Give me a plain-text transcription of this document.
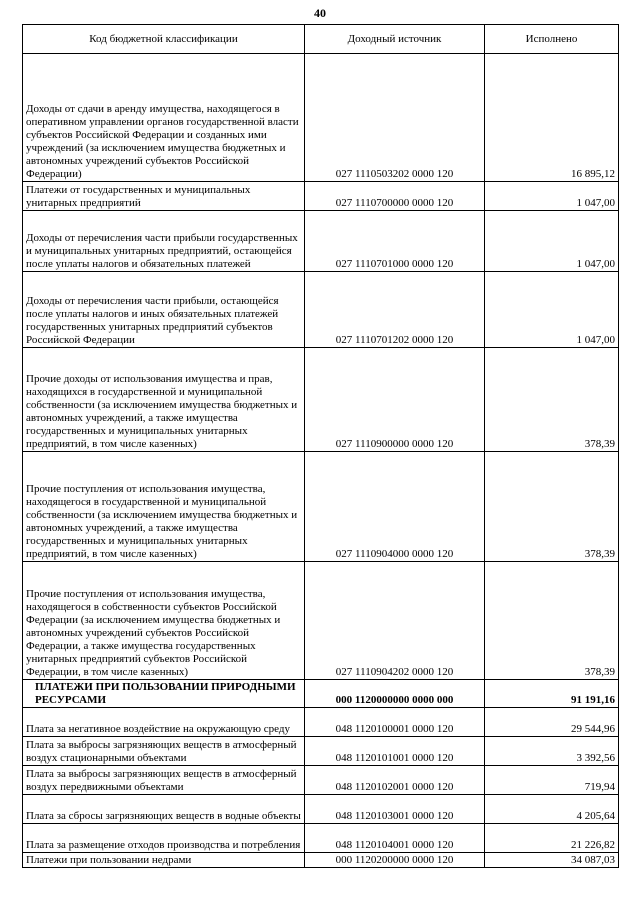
40
Код бюджетной классификации	Доходный источник	Исполнено
Доходы от сдачи в аренду имущества, находящегося в оперативном управлении органов государственной власти субъектов Российской Федерации и созданных ими учреждений (за исключением имущества бюджетных и автономных учреждений субъектов Российской Федерации)	027 1110503202 0000 120	16 895,12
Платежи от государственных и муниципальных унитарных предприятий	027 1110700000 0000 120	1 047,00
Доходы от перечисления части прибыли государственных и муниципальных унитарных предприятий, остающейся после уплаты налогов и обязательных платежей	027 1110701000 0000 120	1 047,00
Доходы от перечисления части прибыли, остающейся после уплаты налогов и иных обязательных платежей государственных унитарных предприятий субъектов Российской Федерации	027 1110701202 0000 120	1 047,00
Прочие доходы от использования имущества и прав, находящихся в государственной и муниципальной собственности (за исключением имущества бюджетных и автономных учреждений, а также имущества государственных и муниципальных унитарных предприятий, в том числе казенных)	027 1110900000 0000 120	378,39
Прочие поступления от использования имущества, находящегося в государственной и муниципальной собственности (за исключением имущества бюджетных и автономных учреждений, а также имущества государственных и муниципальных унитарных предприятий, в том числе казенных)	027 1110904000 0000 120	378,39
Прочие поступления от использования имущества, находящегося в собственности субъектов Российской Федерации (за исключением имущества бюджетных и автономных учреждений субъектов Российской Федерации, а также имущества государственных унитарных предприятий субъектов Российской Федерации, в том числе казенных)	027 1110904202 0000 120	378,39
ПЛАТЕЖИ ПРИ ПОЛЬЗОВАНИИ ПРИРОДНЫМИ РЕСУРСАМИ	000 1120000000 0000 000	91 191,16
Плата за негативное воздействие на окружающую среду	048 1120100001 0000 120	29 544,96
Плата за выбросы загрязняющих веществ в атмосферный воздух стационарными объектами	048 1120101001 0000 120	3 392,56
Плата за выбросы загрязняющих веществ в атмосферный воздух передвижными объектами	048 1120102001 0000 120	719,94
Плата за сбросы загрязняющих веществ в водные объекты	048 1120103001 0000 120	4 205,64
Плата за размещение отходов производства и потребления	048 1120104001 0000 120	21 226,82
Платежи при пользовании недрами	000 1120200000 0000 120	34 087,03
